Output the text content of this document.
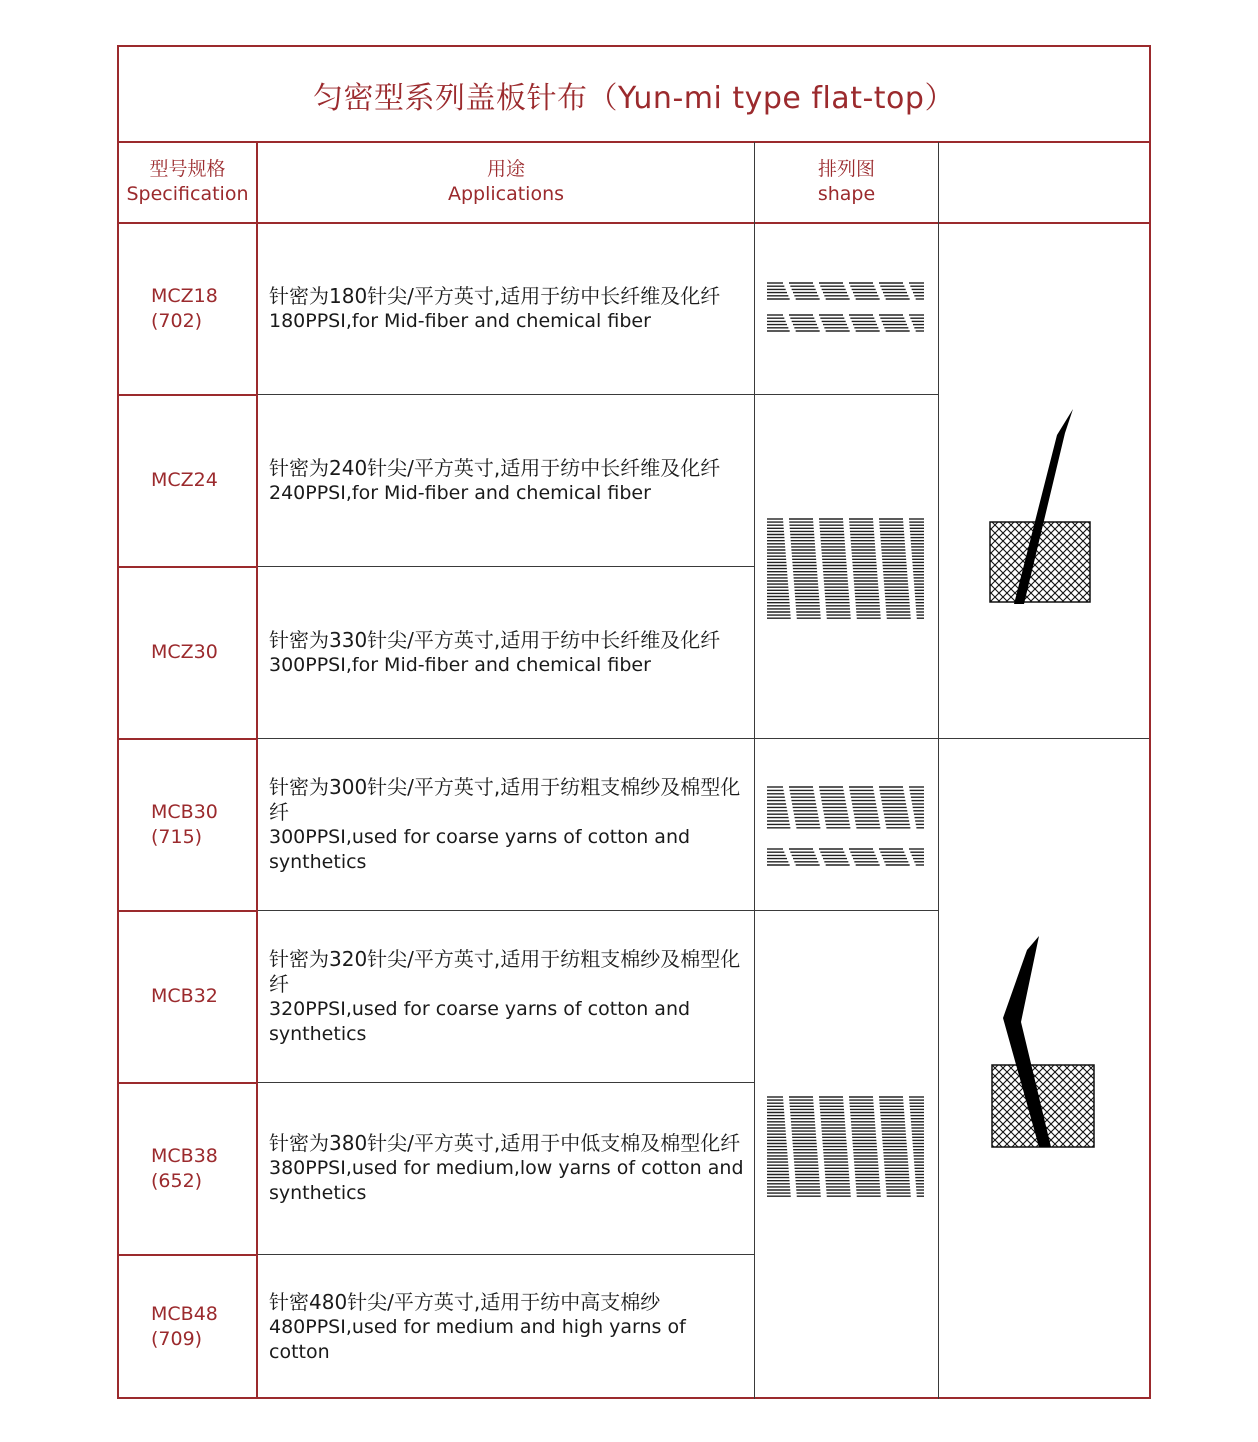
匀密型系列盖板针布（Yun-mi type flat-top）
型号规格
Specification
用途
Applications
排列图
shape
MCZ18
(702)
针密为180针尖/平方英寸,适用于纺中长纤维及化纤
180PPSI,for Mid-fiber and chemical fiber
MCZ24
针密为240针尖/平方英寸,适用于纺中长纤维及化纤
240PPSI,for Mid-fiber and chemical fiber
MCZ30
针密为330针尖/平方英寸,适用于纺中长纤维及化纤
300PPSI,for Mid-fiber and chemical fiber
MCB30
(715)
针密为300针尖/平方英寸,适用于纺粗支棉纱及棉型化纤
300PPSI,used for coarse yarns of cotton and synthetics
MCB32
针密为320针尖/平方英寸,适用于纺粗支棉纱及棉型化纤
320PPSI,used for coarse yarns of cotton and synthetics
MCB38
(652)
针密为380针尖/平方英寸,适用于中低支棉及棉型化纤
380PPSI,used for medium,low yarns of cotton and synthetics
MCB48
(709)
针密480针尖/平方英寸,适用于纺中高支棉纱
480PPSI,used for medium and high yarns of cotton
